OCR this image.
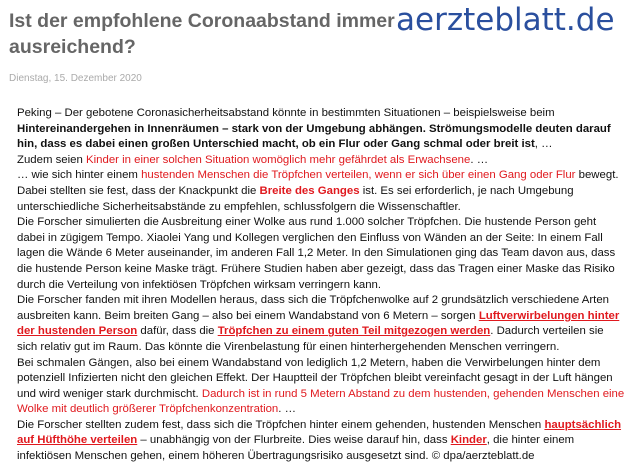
Ist der empfohlene Coronaabstand immer ausreichend?
aerzteblatt.de
Dienstag, 15. Dezember 2020

Peking – Der gebotene Coronasicherheitsabstand könnte in bestimmten Situationen – beispielsweise beim Hintereinandergehen in Innenräumen – stark von der Umgebung abhängen. Strömungsmodelle deuten darauf hin, dass es dabei einen großen Unterschied macht, ob ein Flur oder Gang schmal oder breit ist, …

Zudem seien Kinder in einer solchen Situation womöglich mehr gefährdet als Erwachsene. …

… wie sich hinter einem hustenden Menschen die Tröpfchen verteilen, wenn er sich über einen Gang oder Flur bewegt. Dabei stellten sie fest, dass der Knackpunkt die Breite des Ganges ist. Es sei erforderlich, je nach Umgebung unterschiedliche Sicherheitsabstände zu empfehlen, schlussfolgern die Wissenschaftler.

Die Forscher simulierten die Ausbreitung einer Wolke aus rund 1.000 solcher Tröpfchen. Die hustende Person geht dabei in zügigem Tempo. Xiaolei Yang und Kollegen verglichen den Einfluss von Wänden an der Seite: In einem Fall lagen die Wände 6 Meter auseinander, im anderen Fall 1,2 Meter. In den Simulationen ging das Team davon aus, dass die hustende Person keine Maske trägt. Frühere Studien haben aber gezeigt, dass das Tragen einer Maske das Risiko durch die Verteilung von infektiösen Tröpfchen wirksam verringern kann.

Die Forscher fanden mit ihren Modellen heraus, dass sich die Tröpfchenwolke auf 2 grundsätzlich verschiedene Arten ausbreiten kann. Beim breiten Gang – also bei einem Wandabstand von 6 Metern – sorgen Luftverwirbelungen hinter der hustenden Person dafür, dass die Tröpfchen zu einem guten Teil mitgezogen werden. Dadurch verteilen sie sich relativ gut im Raum. Das könnte die Virenbelastung für einen hinterhergehenden Menschen verringern.

Bei schmalen Gängen, also bei einem Wandabstand von lediglich 1,2 Metern, haben die Verwirbelungen hinter dem potenziell Infizierten nicht den gleichen Effekt. Der Hauptteil der Tröpfchen bleibt vereinfacht gesagt in der Luft hängen und wird weniger stark durchmischt. Dadurch ist in rund 5 Metern Abstand zu dem hustenden, gehenden Menschen eine Wolke mit deutlich größerer Tröpfchenkonzentration. …

Die Forscher stellten zudem fest, dass sich die Tröpfchen hinter einem gehenden, hustenden Menschen hauptsächlich auf Hüfthöhe verteilen – unabhängig von der Flurbreite. Dies weise darauf hin, dass Kinder, die hinter einem infektiösen Menschen gehen, einem höheren Übertragungsrisiko ausgesetzt sind. © dpa/aerzteblatt.de
